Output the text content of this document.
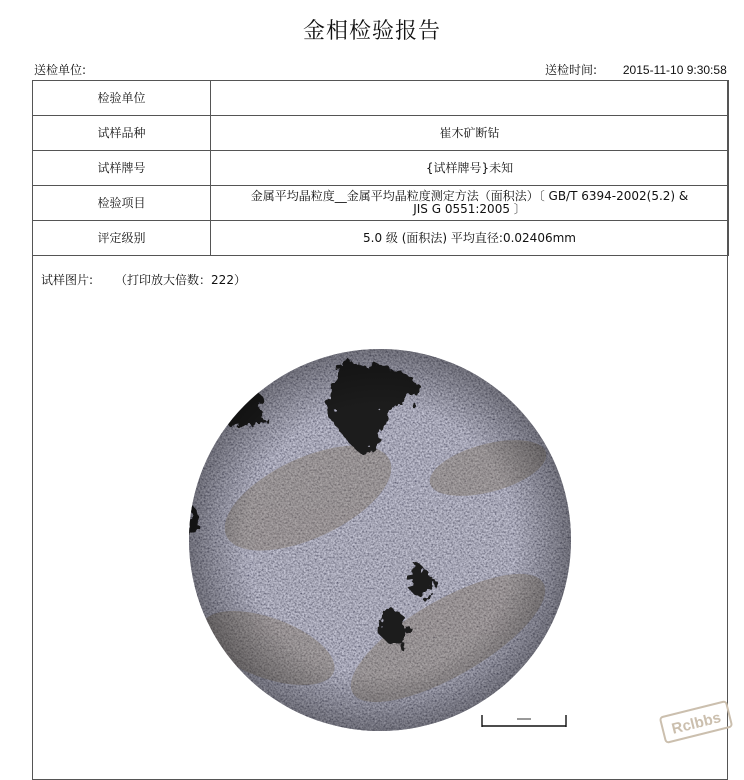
金相检验报告
送检单位:	送检时间: 2015-11-10 9:30:58
检验单位	
试样品种	崔木矿断钻
试样牌号	{试样牌号}未知
检验项目	金属平均晶粒度__金属平均晶粒度测定方法（面积法）〔 GB/T 6394-2002(5.2) &
JIS G 0551:2005 〕

评定级别	5.0 级 (面积法) 平均直径:0.02406mm
试样图片: （打印放大倍数：222）
Rclbbs
